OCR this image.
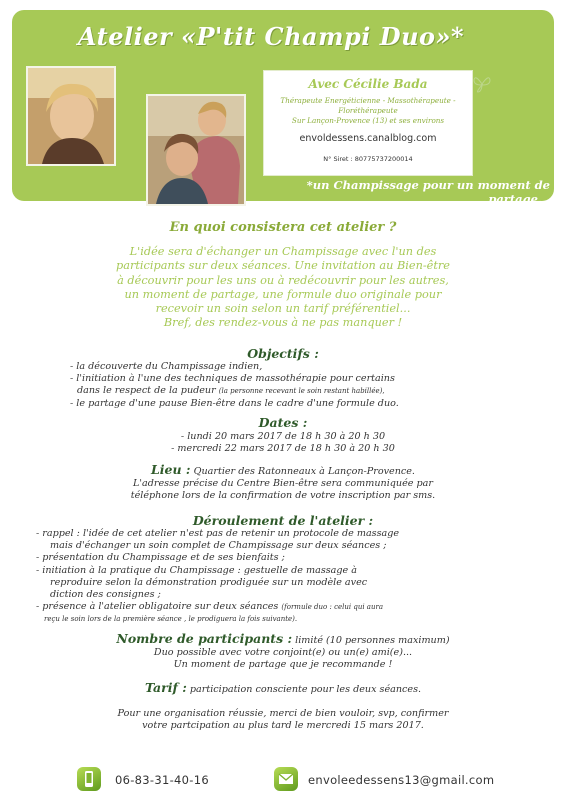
Atelier «P'tit Champi Duo»*
Avec Cécilie Bada
Thérapeute Energéticienne - Massothérapeute - Floréthérapeute
Sur Lançon-Provence (13) et ses environs
envoldessens.canalblog.com
N° Siret : 80775737200014
*un Champissage pour un moment de partage...
En quoi consistera cet atelier ?
L'idée sera d'échanger un Champissage avec l'un des
participants sur deux séances. Une invitation au Bien-être
à découvrir pour les uns ou à redécouvrir pour les autres,
un moment de partage, une formule duo originale pour
recevoir un soin selon un tarif préférentiel...
Bref, des rendez-vous à ne pas manquer !
Objectifs :
- la découverte du Champissage indien,
- l'initiation à l'une des techniques de massothérapie pour certains
dans le respect de la pudeur (la personne recevant le soin restant habillée),
- le partage d'une pause Bien-être dans le cadre d'une formule duo.
Dates :
- lundi 20 mars 2017 de 18 h 30 à 20 h 30
- mercredi 22 mars 2017 de 18 h 30 à 20 h 30
Lieu : Quartier des Ratonneaux à Lançon-Provence.
L'adresse précise du Centre Bien-être sera communiquée par
téléphone lors de la confirmation de votre inscription par sms.
Déroulement de l'atelier :
- rappel : l'idée de cet atelier n'est pas de retenir un protocole de massage
mais d'échanger un soin complet de Champissage sur deux séances ;
- présentation du Champissage et de ses bienfaits ;
- initiation à la pratique du Champissage : gestuelle de massage à
reproduire selon la démonstration prodiguée sur un modèle avec
diction des consignes ;
- présence à l'atelier obligatoire sur deux séances (formule duo : celui qui aura
reçu le soin lors de la première séance , le prodiguera la fois suivante).
Nombre de participants : limité (10 personnes maximum)
Duo possible avec votre conjoint(e) ou un(e) ami(e)...
Un moment de partage que je recommande !
Tarif : participation consciente pour les deux séances.
Pour une organisation réussie, merci de bien vouloir, svp, confirmer
votre partcipation au plus tard le mercredi 15 mars 2017.
06-83-31-40-16	envoleedessens13@gmail.com
